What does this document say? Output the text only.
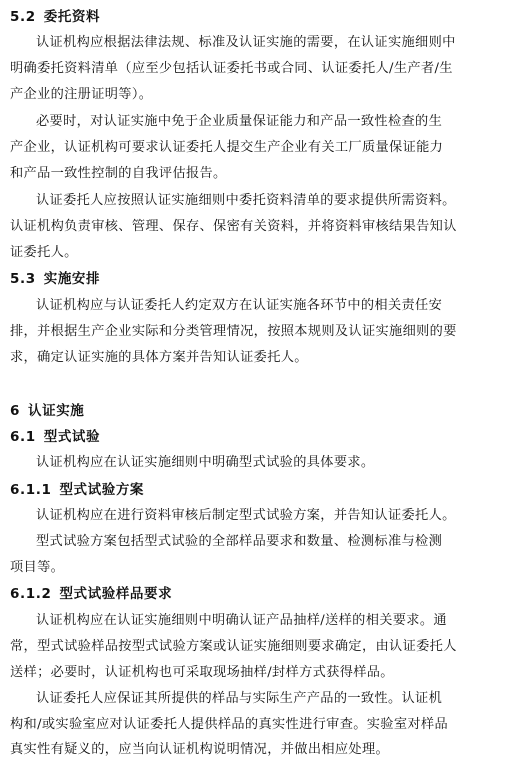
5.2 委托资料
认证机构应根据法律法规、标准及认证实施的需要，在认证实施细则中
明确委托资料清单（应至少包括认证委托书或合同、认证委托人/生产者/生
产企业的注册证明等）。
必要时，对认证实施中免于企业质量保证能力和产品一致性检查的生
产企业，认证机构可要求认证委托人提交生产企业有关工厂质量保证能力
和产品一致性控制的自我评估报告。
认证委托人应按照认证实施细则中委托资料清单的要求提供所需资料。
认证机构负责审核、管理、保存、保密有关资料，并将资料审核结果告知认
证委托人。
5.3 实施安排
认证机构应与认证委托人约定双方在认证实施各环节中的相关责任安
排，并根据生产企业实际和分类管理情况，按照本规则及认证实施细则的要
求，确定认证实施的具体方案并告知认证委托人。
6 认证实施
6.1 型式试验
认证机构应在认证实施细则中明确型式试验的具体要求。
6.1.1 型式试验方案
认证机构应在进行资料审核后制定型式试验方案，并告知认证委托人。
型式试验方案包括型式试验的全部样品要求和数量、检测标准与检测
项目等。
6.1.2 型式试验样品要求
认证机构应在认证实施细则中明确认证产品抽样/送样的相关要求。通
常，型式试验样品按型式试验方案或认证实施细则要求确定，由认证委托人
送样；必要时，认证机构也可采取现场抽样/封样方式获得样品。
认证委托人应保证其所提供的样品与实际生产产品的一致性。认证机
构和/或实验室应对认证委托人提供样品的真实性进行审查。实验室对样品
真实性有疑义的，应当向认证机构说明情况，并做出相应处理。
